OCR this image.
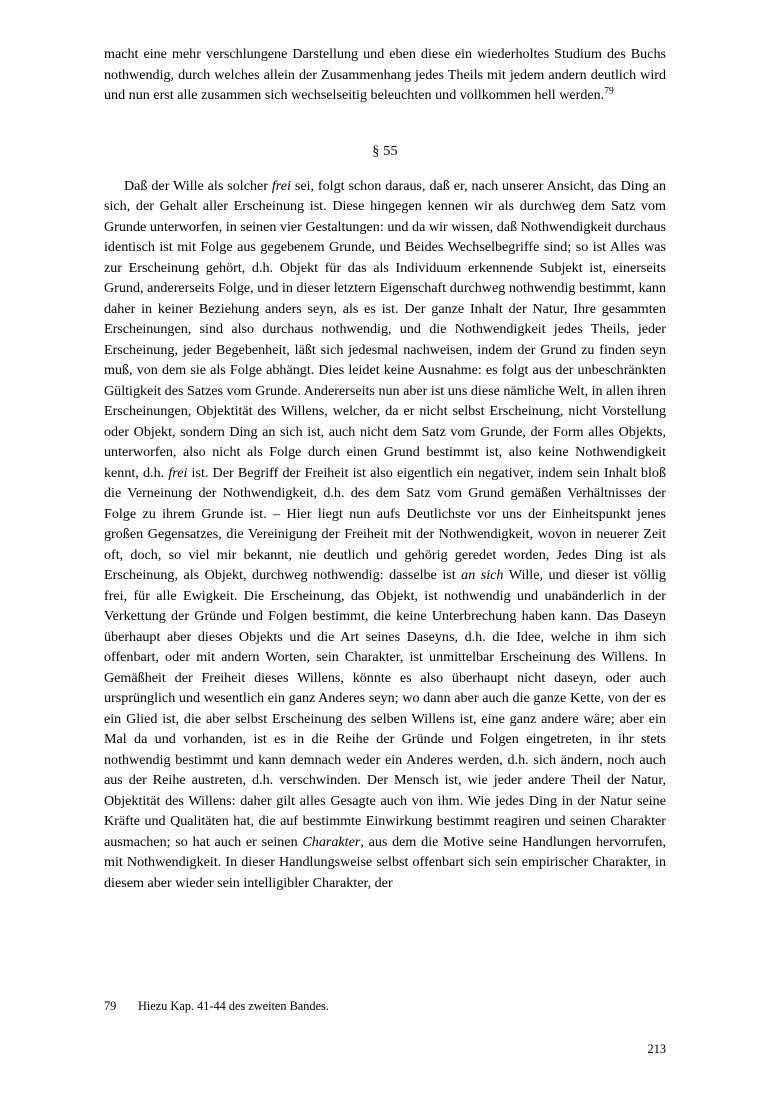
macht eine mehr verschlungene Darstellung und eben diese ein wiederholtes Studium des Buchs nothwendig, durch welches allein der Zusammenhang jedes Theils mit jedem andern deutlich wird und nun erst alle zusammen sich wechselseitig beleuchten und vollkommen hell werden.$^{79}$

§ 55

Daß der Wille als solcher frei sei, folgt schon daraus, daß er, nach unserer Ansicht, das Ding an sich, der Gehalt aller Erscheinung ist. Diese hingegen kennen wir als durchweg dem Satz vom Grunde unterworfen, in seinen vier Gestaltungen: und da wir wissen, daß Nothwendigkeit durchaus identisch ist mit Folge aus gegebenem Grunde, und Beides Wechselbegriffe sind; so ist Alles was zur Erscheinung gehört, d.h. Objekt für das als Individuum erkennende Subjekt ist, einerseits Grund, andererseits Folge, und in dieser letztern Eigenschaft durchweg nothwendig bestimmt, kann daher in keiner Beziehung anders seyn, als es ist. Der ganze Inhalt der Natur, Ihre gesammten Erscheinungen, sind also durchaus nothwendig, und die Nothwendigkeit jedes Theils, jeder Erscheinung, jeder Begebenheit, läßt sich jedesmal nachweisen, indem der Grund zu finden seyn muß, von dem sie als Folge abhängt. Dies leidet keine Ausnahme: es folgt aus der unbeschränkten Gültigkeit des Satzes vom Grunde. Andererseits nun aber ist uns diese nämliche Welt, in allen ihren Erscheinungen, Objektität des Willens, welcher, da er nicht selbst Erscheinung, nicht Vorstellung oder Objekt, sondern Ding an sich ist, auch nicht dem Satz vom Grunde, der Form alles Objekts, unterworfen, also nicht als Folge durch einen Grund bestimmt ist, also keine Nothwendigkeit kennt, d.h. frei ist. Der Begriff der Freiheit ist also eigentlich ein negativer, indem sein Inhalt bloß die Verneinung der Nothwendigkeit, d.h. des dem Satz vom Grund gemäßen Verhältnisses der Folge zu ihrem Grunde ist. – Hier liegt nun aufs Deutlichste vor uns der Einheitspunkt jenes großen Gegensatzes, die Vereinigung der Freiheit mit der Nothwendigkeit, wovon in neuerer Zeit oft, doch, so viel mir bekannt, nie deutlich und gehörig geredet worden, Jedes Ding ist als Erscheinung, als Objekt, durchweg nothwendig: dasselbe ist an sich Wille, und dieser ist völlig frei, für alle Ewigkeit. Die Erscheinung, das Objekt, ist nothwendig und unabänderlich in der Verkettung der Gründe und Folgen bestimmt, die keine Unterbrechung haben kann. Das Daseyn überhaupt aber dieses Objekts und die Art seines Daseyns, d.h. die Idee, welche in ihm sich offenbart, oder mit andern Worten, sein Charakter, ist unmittelbar Erscheinung des Willens. In Gemäßheit der Freiheit dieses Willens, könnte es also überhaupt nicht daseyn, oder auch ursprünglich und wesentlich ein ganz Anderes seyn; wo dann aber auch die ganze Kette, von der es ein Glied ist, die aber selbst Erscheinung des selben Willens ist, eine ganz andere wäre; aber ein Mal da und vorhanden, ist es in die Reihe der Gründe und Folgen eingetreten, in ihr stets nothwendig bestimmt und kann demnach weder ein Anderes werden, d.h. sich ändern, noch auch aus der Reihe austreten, d.h. verschwinden. Der Mensch ist, wie jeder andere Theil der Natur, Objektität des Willens: daher gilt alles Gesagte auch von ihm. Wie jedes Ding in der Natur seine Kräfte und Qualitäten hat, die auf bestimmte Einwirkung bestimmt reagiren und seinen Charakter ausmachen; so hat auch er seinen Charakter, aus dem die Motive seine Handlungen hervorrufen, mit Nothwendigkeit. In dieser Handlungsweise selbst offenbart sich sein empirischer Charakter, in diesem aber wieder sein intelligibler Charakter, der

79 Hiezu Kap. 41-44 des zweiten Bandes.
213
